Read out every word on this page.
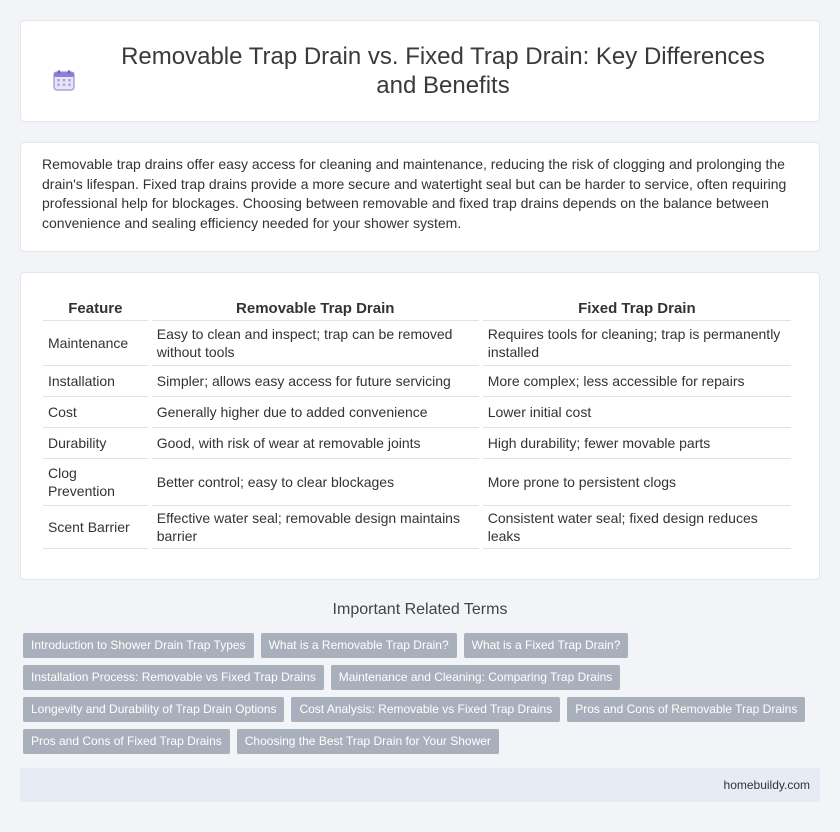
Removable Trap Drain vs. Fixed Trap Drain: Key Differences and Benefits

Removable trap drains offer easy access for cleaning and maintenance, reducing the risk of clogging and prolonging the drain's lifespan. Fixed trap drains provide a more secure and watertight seal but can be harder to service, often requiring professional help for blockages. Choosing between removable and fixed trap drains depends on the balance between convenience and sealing efficiency needed for your shower system.

Feature	Removable Trap Drain	Fixed Trap Drain
Maintenance	Easy to clean and inspect; trap can be removed without tools	Requires tools for cleaning; trap is permanently installed
Installation	Simpler; allows easy access for future servicing	More complex; less accessible for repairs
Cost	Generally higher due to added convenience	Lower initial cost
Durability	Good, with risk of wear at removable joints	High durability; fewer movable parts
Clog Prevention	Better control; easy to clear blockages	More prone to persistent clogs
Scent Barrier	Effective water seal; removable design maintains barrier	Consistent water seal; fixed design reduces leaks
Important Related Terms
Introduction to Shower Drain Trap Types	What is a Removable Trap Drain?	What is a Fixed Trap Drain?
Installation Process: Removable vs Fixed Trap Drains	Maintenance and Cleaning: Comparing Trap Drains
Longevity and Durability of Trap Drain Options	Cost Analysis: Removable vs Fixed Trap Drains	Pros and Cons of Removable Trap Drains
Pros and Cons of Fixed Trap Drains	Choosing the Best Trap Drain for Your Shower
homebuildy.com
